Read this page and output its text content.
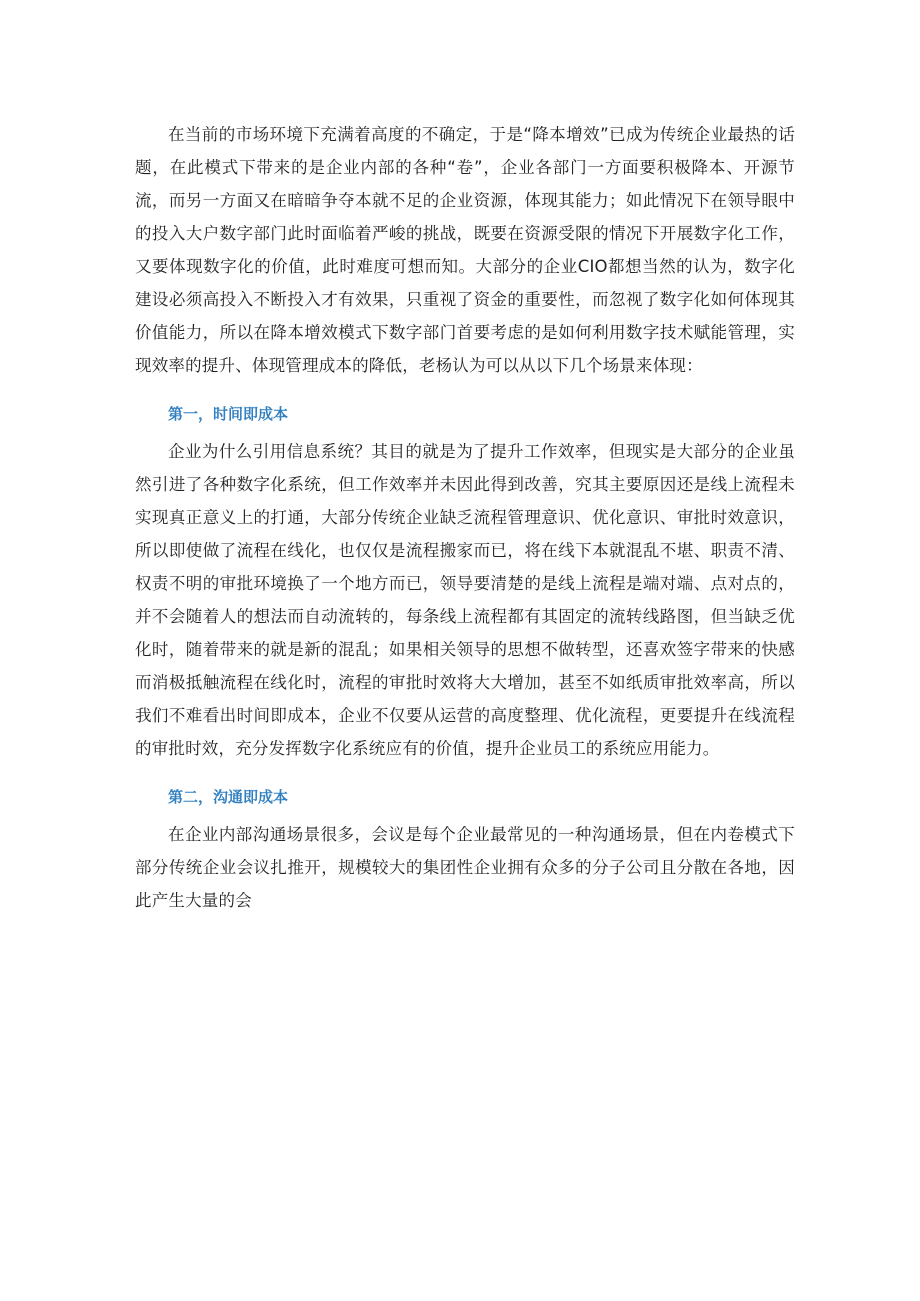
在当前的市场环境下充满着高度的不确定，于是“降本增效”已成为传统企业最热的话题，在此模式下带来的是企业内部的各种“卷”，企业各部门一方面要积极降本、开源节流，而另一方面又在暗暗争夺本就不足的企业资源，体现其能力；如此情况下在领导眼中的投入大户数字部门此时面临着严峻的挑战，既要在资源受限的情况下开展数字化工作，又要体现数字化的价值，此时难度可想而知。大部分的企业CIO都想当然的认为，数字化建设必须高投入不断投入才有效果，只重视了资金的重要性，而忽视了数字化如何体现其价值能力，所以在降本增效模式下数字部门首要考虑的是如何利用数字技术赋能管理，实现效率的提升、体现管理成本的降低，老杨认为可以从以下几个场景来体现：

第一，时间即成本

企业为什么引用信息系统？其目的就是为了提升工作效率，但现实是大部分的企业虽然引进了各种数字化系统，但工作效率并未因此得到改善，究其主要原因还是线上流程未实现真正意义上的打通，大部分传统企业缺乏流程管理意识、优化意识、审批时效意识，所以即使做了流程在线化，也仅仅是流程搬家而已，将在线下本就混乱不堪、职责不清、权责不明的审批环境换了一个地方而已，领导要清楚的是线上流程是端对端、点对点的，并不会随着人的想法而自动流转的，每条线上流程都有其固定的流转线路图，但当缺乏优化时，随着带来的就是新的混乱；如果相关领导的思想不做转型，还喜欢签字带来的快感而消极抵触流程在线化时，流程的审批时效将大大增加，甚至不如纸质审批效率高，所以我们不难看出时间即成本，企业不仅要从运营的高度整理、优化流程，更要提升在线流程的审批时效，充分发挥数字化系统应有的价值，提升企业员工的系统应用能力。

第二，沟通即成本

在企业内部沟通场景很多，会议是每个企业最常见的一种沟通场景，但在内卷模式下部分传统企业会议扎推开，规模较大的集团性企业拥有众多的分子公司且分散在各地，因此产生大量的会
